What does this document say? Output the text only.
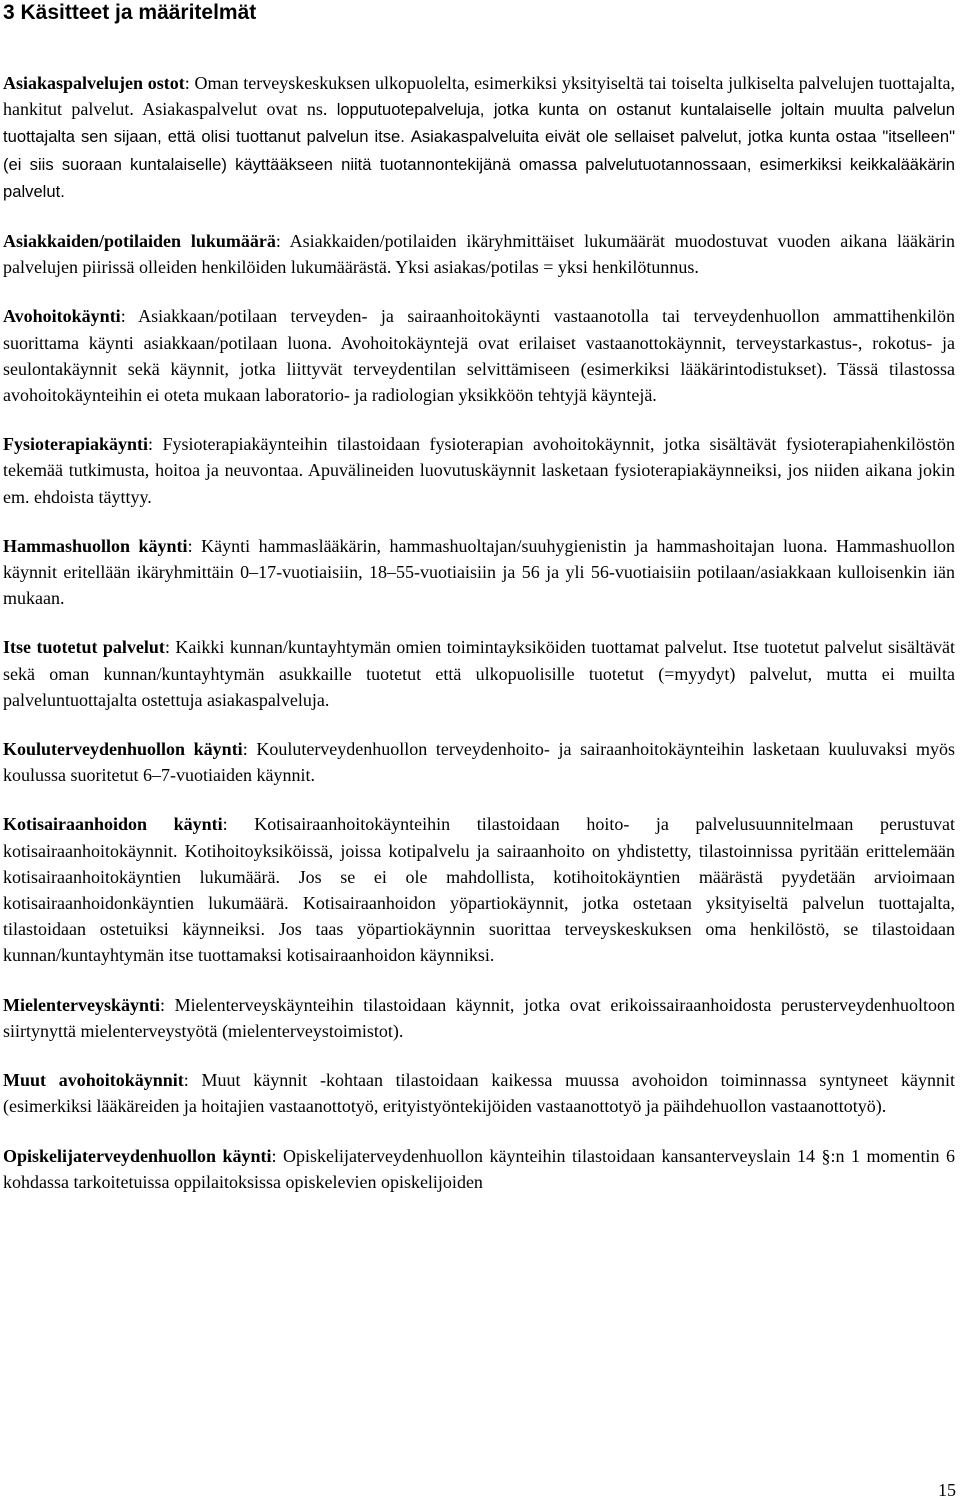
3 Käsitteet ja määritelmät

Asiakaspalvelujen ostot: Oman terveyskeskuksen ulkopuolelta, esimerkiksi yksityiseltä tai toiselta julkiselta palvelujen tuottajalta, hankitut palvelut. Asiakaspalvelut ovat ns. lopputuotepalveluja, jotka kunta on ostanut kuntalaiselle joltain muulta palvelun tuottajalta sen sijaan, että olisi tuottanut palvelun itse. Asiakaspalveluita eivät ole sellaiset palvelut, jotka kunta ostaa "itselleen" (ei siis suoraan kuntalaiselle) käyttääkseen niitä tuotannontekijänä omassa palvelutuotannossaan, esimerkiksi keikkalääkärin palvelut.

Asiakkaiden/potilaiden lukumäärä: Asiakkaiden/potilaiden ikäryhmittäiset lukumäärät muodostuvat vuoden aikana lääkärin palvelujen piirissä olleiden henkilöiden lukumäärästä. Yksi asiakas/potilas = yksi henkilötunnus.

Avohoitokäynti: Asiakkaan/potilaan terveyden- ja sairaanhoitokäynti vastaanotolla tai terveydenhuollon ammattihenkilön suorittama käynti asiakkaan/potilaan luona. Avohoitokäyntejä ovat erilaiset vastaanottokäynnit, terveystarkastus-, rokotus- ja seulontakäynnit sekä käynnit, jotka liittyvät terveydentilan selvittämiseen (esimerkiksi lääkärintodistukset). Tässä tilastossa avohoitokäynteihin ei oteta mukaan laboratorio- ja radiologian yksikköön tehtyjä käyntejä.

Fysioterapiakäynti: Fysioterapiakäynteihin tilastoidaan fysioterapian avohoitokäynnit, jotka sisältävät fysioterapiahenkilöstön tekemää tutkimusta, hoitoa ja neuvontaa. Apuvälineiden luovutuskäynnit lasketaan fysioterapiakäynneiksi, jos niiden aikana jokin em. ehdoista täyttyy.

Hammashuollon käynti: Käynti hammaslääkärin, hammashuoltajan/suuhygienistin ja hammashoitajan luona. Hammashuollon käynnit eritellään ikäryhmittäin 0–17-vuotiaisiin, 18–55-vuotiaisiin ja 56 ja yli 56-vuotiaisiin potilaan/asiakkaan kulloisenkin iän mukaan.

Itse tuotetut palvelut: Kaikki kunnan/kuntayhtymän omien toimintayksiköiden tuottamat palvelut. Itse tuotetut palvelut sisältävät sekä oman kunnan/kuntayhtymän asukkaille tuotetut että ulkopuolisille tuotetut (=myydyt) palvelut, mutta ei muilta palveluntuottajalta ostettuja asiakaspalveluja.

Kouluterveydenhuollon käynti: Kouluterveydenhuollon terveydenhoito- ja sairaanhoitokäynteihin lasketaan kuuluvaksi myös koulussa suoritetut 6–7-vuotiaiden käynnit.

Kotisairaanhoidon käynti: Kotisairaanhoitokäynteihin tilastoidaan hoito- ja palvelusuunnitelmaan perustuvat kotisairaanhoitokäynnit. Kotihoitoyksiköissä, joissa kotipalvelu ja sairaanhoito on yhdistetty, tilastoinnissa pyritään erittelemään kotisairaanhoitokäyntien lukumäärä. Jos se ei ole mahdollista, kotihoitokäyntien määrästä pyydetään arvioimaan kotisairaanhoidonkäyntien lukumäärä. Kotisairaanhoidon yöpartiokäynnit, jotka ostetaan yksityiseltä palvelun tuottajalta, tilastoidaan ostetuiksi käynneiksi. Jos taas yöpartiokäynnin suorittaa terveyskeskuksen oma henkilöstö, se tilastoidaan kunnan/kuntayhtymän itse tuottamaksi kotisairaanhoidon käynniksi.

Mielenterveyskäynti: Mielenterveyskäynteihin tilastoidaan käynnit, jotka ovat erikoissairaanhoidosta perusterveydenhuoltoon siirtynyttä mielenterveystyötä (mielenterveystoimistot).

Muut avohoitokäynnit: Muut käynnit -kohtaan tilastoidaan kaikessa muussa avohoidon toiminnassa syntyneet käynnit (esimerkiksi lääkäreiden ja hoitajien vastaanottotyö, erityistyöntekijöiden vastaanottotyö ja päihdehuollon vastaanottotyö).

Opiskelijaterveydenhuollon käynti: Opiskelijaterveydenhuollon käynteihin tilastoidaan kansanterveyslain 14 §:n 1 momentin 6 kohdassa tarkoitetuissa oppilaitoksissa opiskelevien opiskelijoiden

15
